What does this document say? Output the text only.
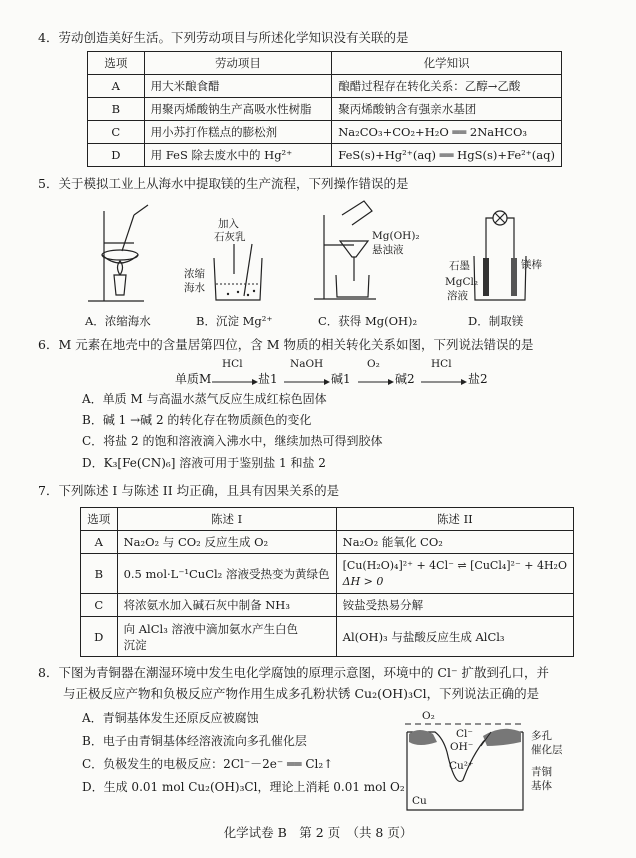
4．劳动创造美好生活。下列劳动项目与所述化学知识没有关联的是
选项	劳动项目	化学知识
A	用大米酿食醋	酿醋过程存在转化关系：乙醇→乙酸
B	用聚丙烯酸钠生产高吸水性树脂	聚丙烯酸钠含有强亲水基团
C	用小苏打作糕点的膨松剂	Na₂CO₃+CO₂+H₂O ══ 2NaHCO₃
D	用 FeS 除去废水中的 Hg²⁺	FeS(s)+Hg²⁺(aq) ══ HgS(s)+Fe²⁺(aq)
5．关于模拟工业上从海水中提取镁的生产流程，下列操作错误的是
A．浓缩海水
加入
石灰乳
浓缩
海水
B．沉淀 Mg²⁺
Mg(OH)₂
悬浊液
C．获得 Mg(OH)₂
石墨	镁棒
MgCl₂
溶液
D．制取镁
6．M 元素在地壳中的含量居第四位，含 M 物质的相关转化关系如图，下列说法错误的是
单质M
HCl
盐1
NaOH
碱1
O₂
碱2
HCl
盐2
A．单质 M 与高温水蒸气反应生成红棕色固体
B．碱 1 →碱 2 的转化存在物质颜色的变化
C．将盐 2 的饱和溶液滴入沸水中，继续加热可得到胶体
D．K₃[Fe(CN)₆] 溶液可用于鉴别盐 1 和盐 2
7．下列陈述 I 与陈述 II 均正确，且具有因果关系的是
选项	陈述 I	陈述 II
A	Na₂O₂ 与 CO₂ 反应生成 O₂	Na₂O₂ 能氧化 CO₂
B	0.5 mol·L⁻¹CuCl₂ 溶液受热变为黄绿色	[Cu(H₂O)₄]²⁺ + 4Cl⁻ ⇌ [CuCl₄]²⁻ + 4H₂O
ΔH > 0

C	将浓氨水加入碱石灰中制备 NH₃	铵盐受热易分解
D	向 AlCl₃ 溶液中滴加氨水产生白色
沉淀	Al(OH)₃ 与盐酸反应生成 AlCl₃
8．下图为青铜器在潮湿环境中发生电化学腐蚀的原理示意图，环境中的 Cl⁻ 扩散到孔口，并
与正极反应产物和负极反应产物作用生成多孔粉状锈 Cu₂(OH)₃Cl，下列说法正确的是
A．青铜基体发生还原反应被腐蚀
B．电子由青铜基体经溶液流向多孔催化层
C．负极发生的电极反应：2Cl⁻－2e⁻ ══ Cl₂↑
D．生成 0.01 mol Cu₂(OH)₃Cl，理论上消耗 0.01 mol O₂
O₂
Cl⁻
OH⁻
Cu²⁺
多孔
催化层
青铜
基体
Cu
化学试卷 B　第 2 页　（共 8 页）
